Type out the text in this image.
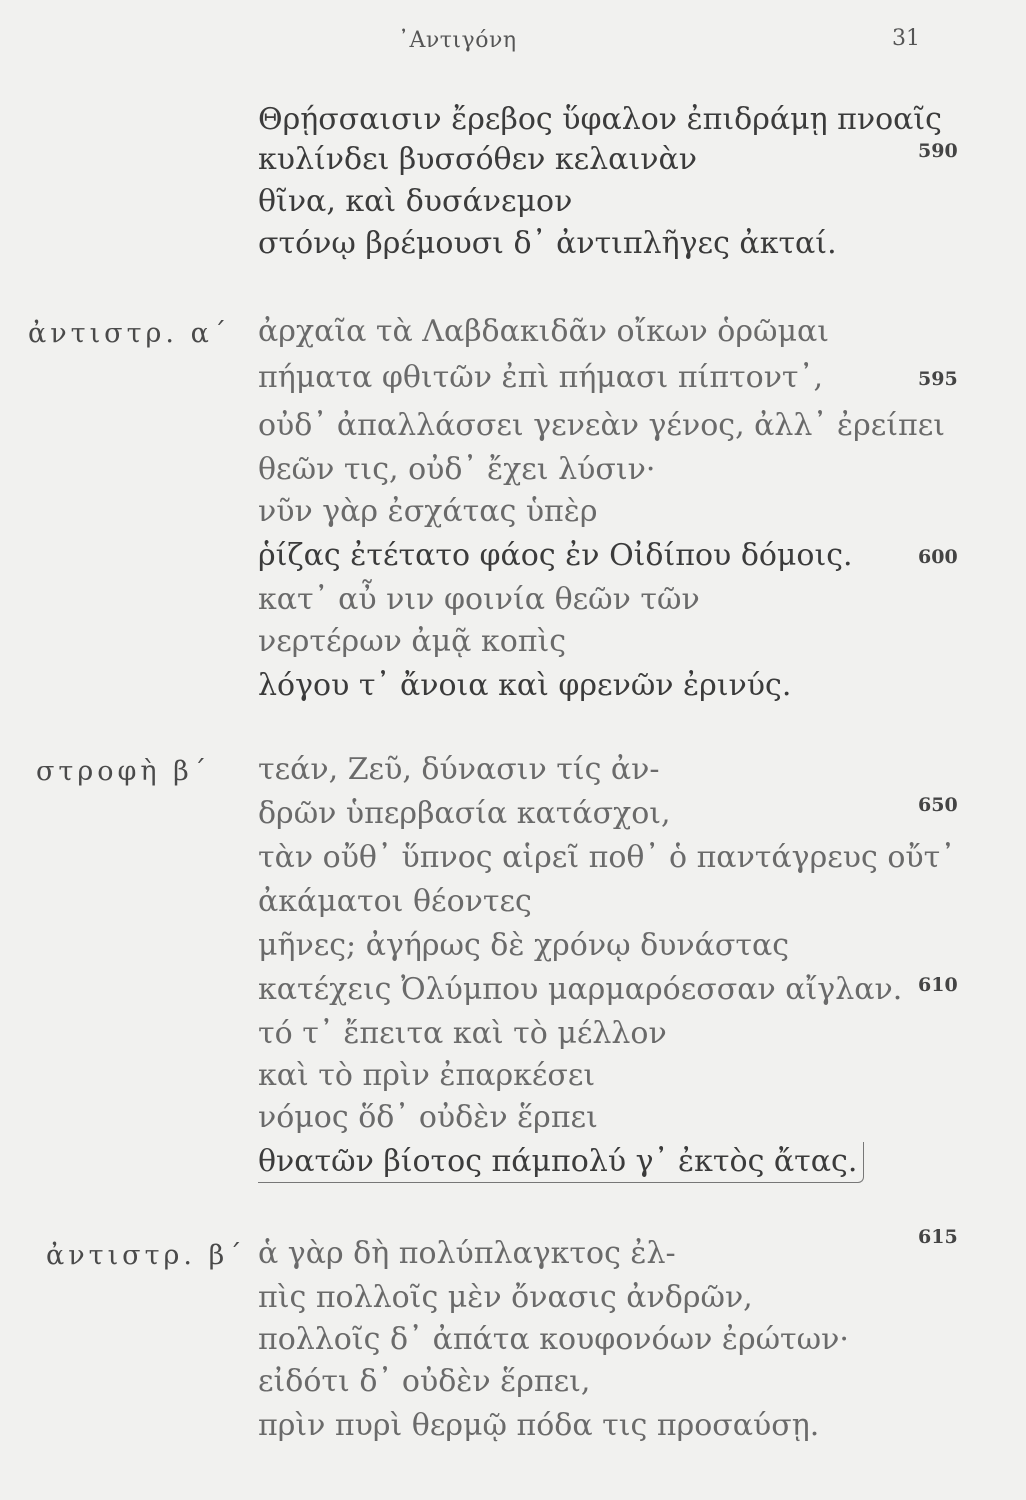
᾿Αντιγόνη	31
Θρῄσσαισιν ἔρεβος ὕφαλον ἐπιδράμῃ πνοαῖς
κυλίνδει βυσσόθεν κελαινὰν
θῖνα, καὶ δυσάνεμον
στόνῳ βρέμουσι δ᾿ ἀντιπλῆγες ἀκταί.
590
ἀντιστρ. α΄ ἀρχαῖα τὰ Λαβδακιδᾶν οἴκων ὁρῶμαι
πήματα φθιτῶν ἐπὶ πήμασι πίπτοντ᾿,
οὐδ᾿ ἀπαλλάσσει γενεὰν γένος, ἀλλ᾿ ἐρείπει
θεῶν τις, οὐδ᾿ ἔχει λύσιν·
νῦν γὰρ ἐσχάτας ὑπὲρ
ῥίζας ἐτέτατο φάος ἐν Οἰδίπου δόμοις.
κατ᾿ αὖ νιν φοινία θεῶν τῶν
νερτέρων ἀμᾷ κοπὶς
λόγου τ᾿ ἄνοια καὶ φρενῶν ἐρινύς.
595
600
στροφὴ β΄ τεάν, Ζεῦ, δύνασιν τίς ἀν-
δρῶν ὑπερβασία κατάσχοι,
τὰν οὔθ᾿ ὕπνος αἱρεῖ ποθ᾿ ὁ παντάγρευς οὔτ᾿
ἀκάματοι θέοντες
μῆνες; ἀγήρως δὲ χρόνῳ δυνάστας
κατέχεις Ὀλύμπου μαρμαρόεσσαν αἴγλαν.
τό τ᾿ ἔπειτα καὶ τὸ μέλλον
καὶ τὸ πρὶν ἐπαρκέσει
νόμος ὅδ᾿ οὐδὲν ἕρπει
θνατῶν βίοτος πάμπολύ γ᾿ ἐκτὸς ἄτας.
650
610
ἀντιστρ. β΄ ἁ γὰρ δὴ πολύπλαγκτος ἐλ-
πὶς πολλοῖς μὲν ὄνασις ἀνδρῶν,
πολλοῖς δ᾿ ἀπάτα κουφονόων ἐρώτων·
εἰδότι δ᾿ οὐδὲν ἕρπει,
πρὶν πυρὶ θερμῷ πόδα τις προσαύσῃ.
615
